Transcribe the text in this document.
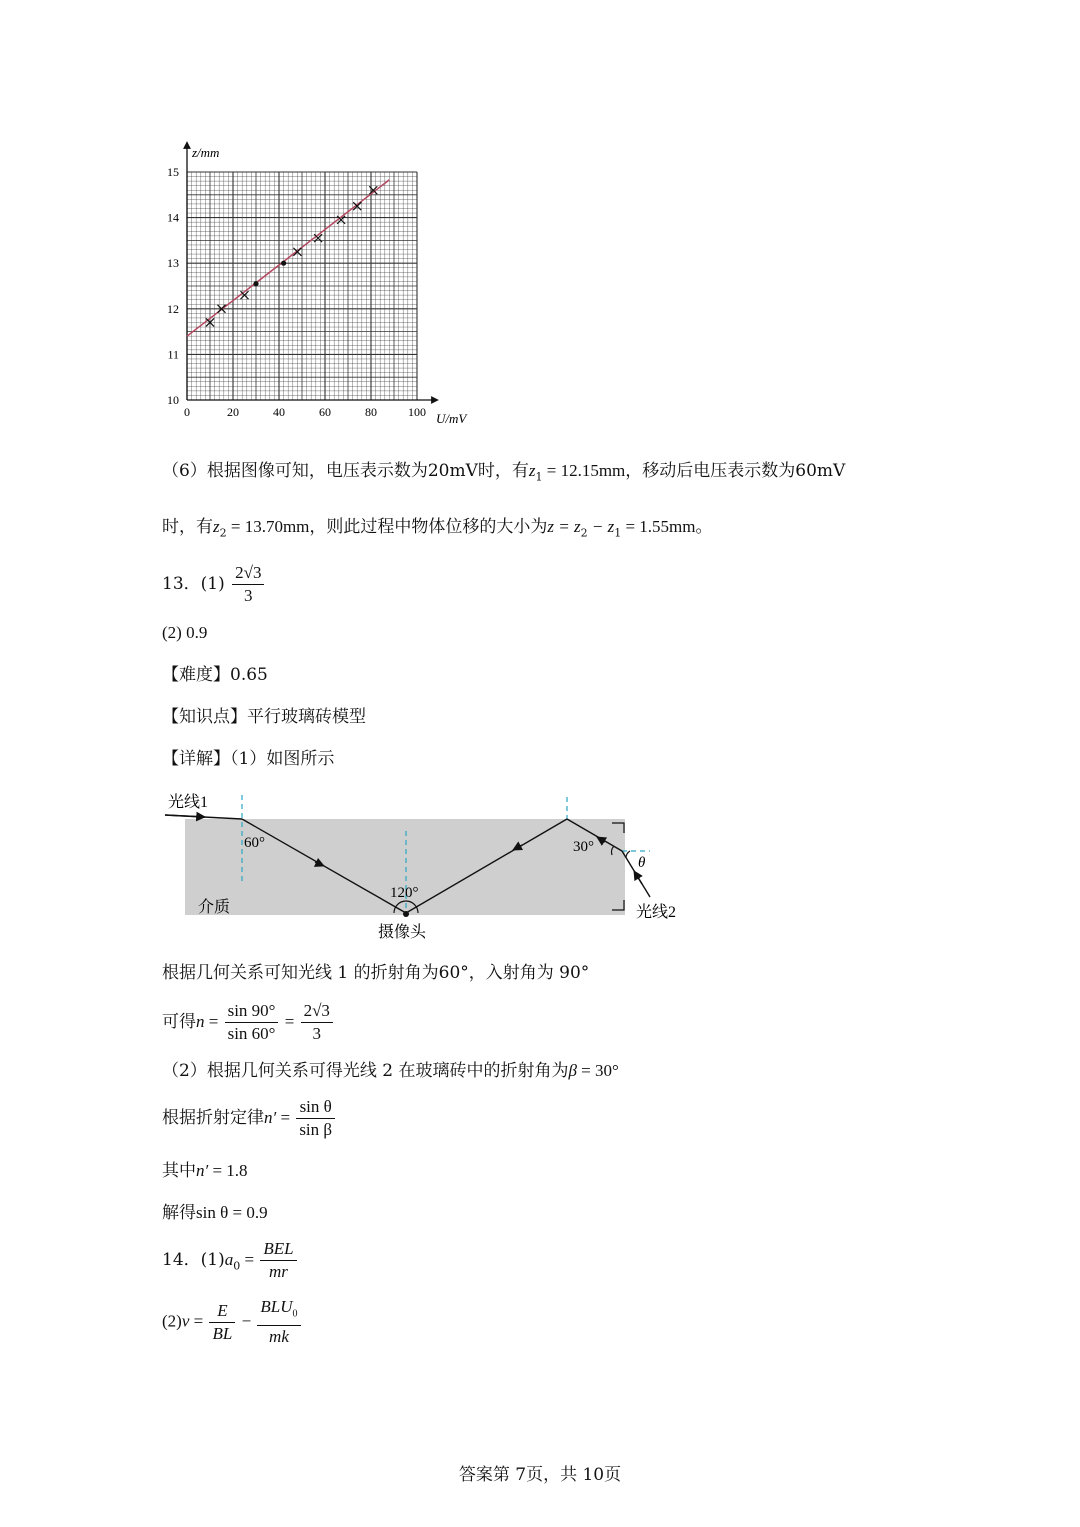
0	20	40	60	80	100
10
11
12
13
14
15
z/mm
U/mV
（6）根据图像可知，电压表示数为20mV时，有$z_1 = 12.15mm$，移动后电压表示数为60mV
时，有$z_2 = 13.70mm$，则此过程中物体位移的大小为$z = z_2 - z_1 = 1.55mm$。
13．$(1) \frac{2√3}{3}$
(2) 0.9
【难度】0.65
【知识点】平行玻璃砖模型
【详解】（1）如图所示
光线1
60°
120°
30°
θ
介质
摄像头
光线2
根据几何关系可知光线 1 的折射角为60°，入射角为 90°
可得$n = \frac{\sin 90^\circ}{\sin 60^\circ} = \frac{2√3}{3}$
（2）根据几何关系可得光线 2 在玻璃砖中的折射角为β = 30°
根据折射定律$n' = \frac{\text{sin θ}}{\text{sin β}}$
其中n′ = 1.8
解得sin θ = 0.9
14．$(1)a_0 = \frac{\text{BEL}}{mr}$
$(2)v = \frac{E}{BL} - \frac{BLU_0}{mk}$
答案第 7页，共 10页
